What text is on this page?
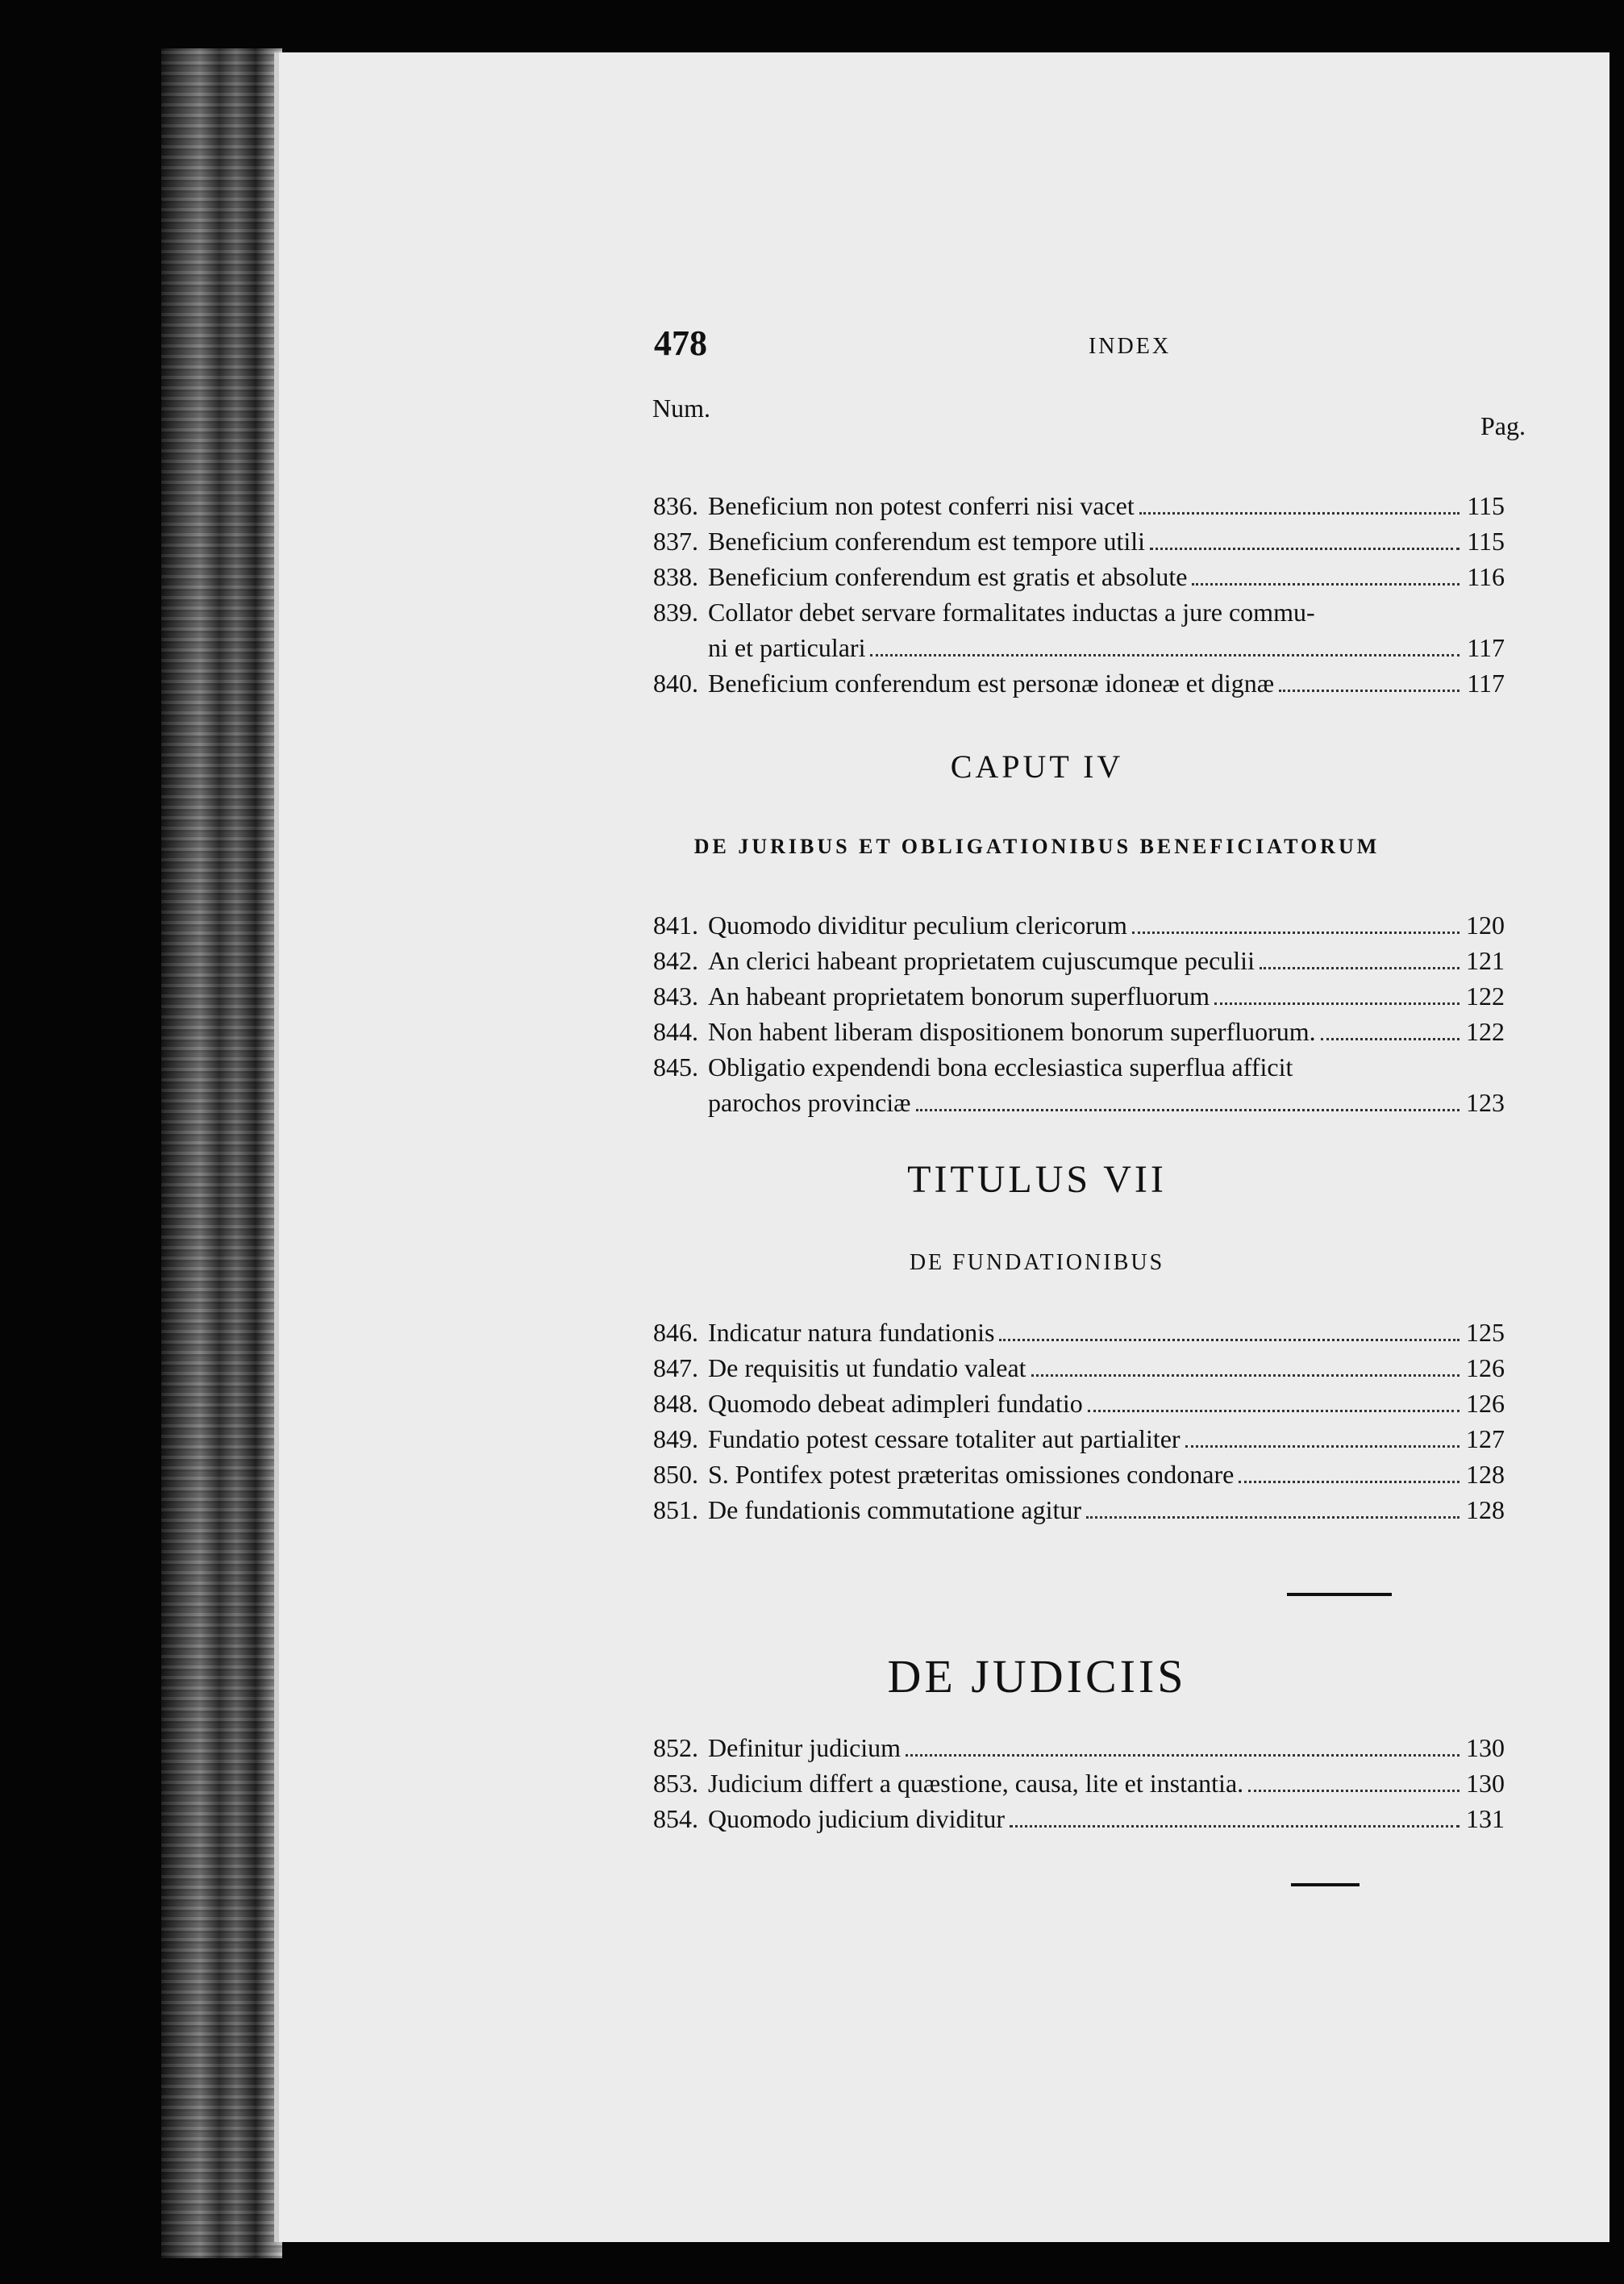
478	INDEX
Num.
Pag.
836. Beneficium non potest conferri nisi vacet	115
837. Beneficium conferendum est tempore utili	115
838. Beneficium conferendum est gratis et absolute	116
839. Collator debet servare formalitates inductas a jure commu-
ni et particulari	117
840. Beneficium conferendum est personæ idoneæ et dignæ	117
CAPUT IV
DE JURIBUS ET OBLIGATIONIBUS BENEFICIATORUM
841. Quomodo dividitur peculium clericorum	120
842. An clerici habeant proprietatem cujuscumque peculii	121
843. An habeant proprietatem bonorum superfluorum	122
844. Non habent liberam dispositionem bonorum superfluorum.	122
845. Obligatio expendendi bona ecclesiastica superflua afficit
parochos provinciæ	123
TITULUS VII
DE FUNDATIONIBUS
846. Indicatur natura fundationis	125
847. De requisitis ut fundatio valeat	126
848. Quomodo debeat adimpleri fundatio	126
849. Fundatio potest cessare totaliter aut partialiter	127
850. S. Pontifex potest præteritas omissiones condonare	128
851. De fundationis commutatione agitur	128
DE JUDICIIS
852. Definitur judicium	130
853. Judicium differt a quæstione, causa, lite et instantia.	130
854. Quomodo judicium dividitur	131
